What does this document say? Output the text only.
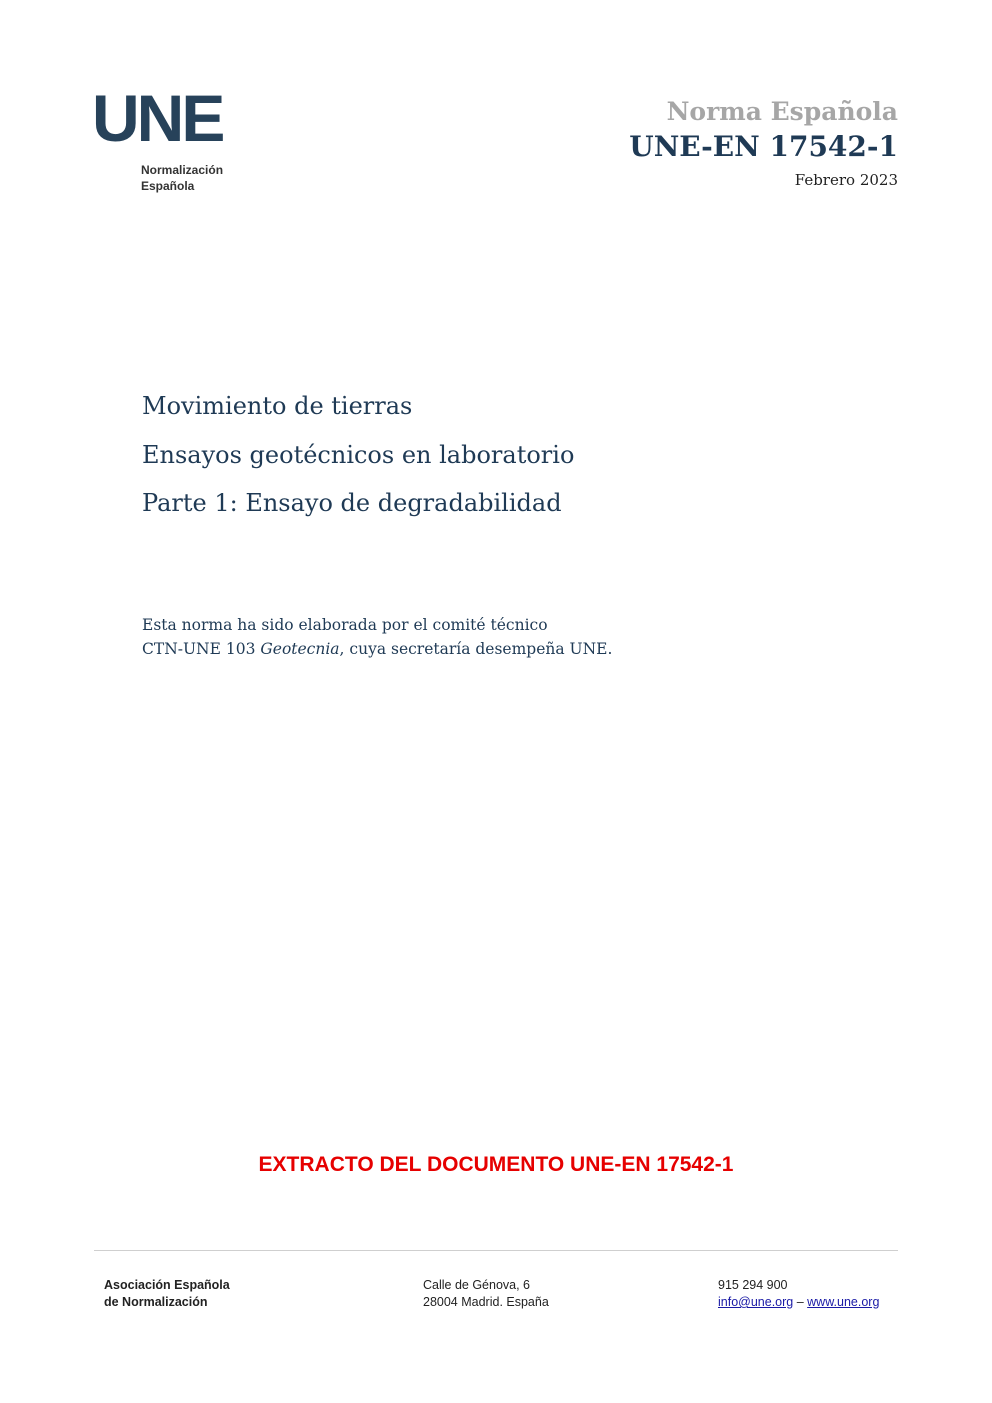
UNE
Normalización
Española
Norma Española
UNE-EN 17542-1
Febrero 2023
Movimiento de tierras
Ensayos geotécnicos en laboratorio
Parte 1: Ensayo de degradabilidad
Esta norma ha sido elaborada por el comité técnico
CTN-UNE 103 Geotecnia, cuya secretaría desempeña UNE.
EXTRACTO DEL DOCUMENTO UNE-EN 17542-1
Asociación Española
de Normalización
Calle de Génova, 6
28004 Madrid. España
915 294 900
info@une.org – www.une.org
